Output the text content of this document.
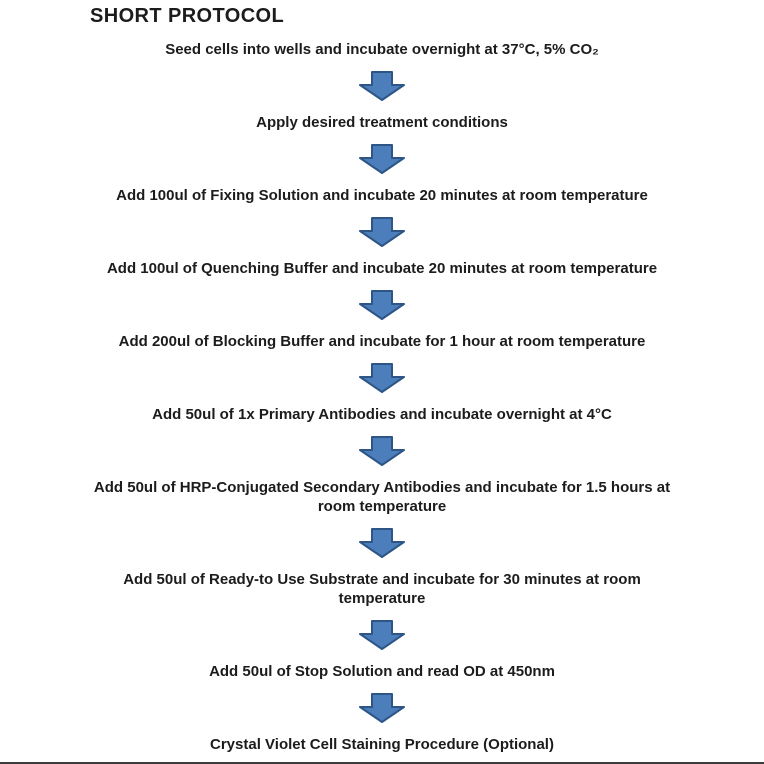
SHORT PROTOCOL

Seed cells into wells and incubate overnight at 37°C, 5% CO₂

Apply desired treatment conditions

Add 100ul of Fixing Solution and incubate 20 minutes at room temperature

Add 100ul of Quenching Buffer and incubate 20 minutes at room temperature

Add 200ul of Blocking Buffer and incubate for 1 hour at room temperature

Add 50ul of 1x Primary Antibodies and incubate overnight at 4°C

Add 50ul of HRP-Conjugated Secondary Antibodies and incubate for 1.5 hours at room temperature

Add 50ul of Ready-to Use Substrate and incubate for 30 minutes at room temperature

Add 50ul of Stop Solution and read OD at 450nm

Crystal Violet Cell Staining Procedure (Optional)
